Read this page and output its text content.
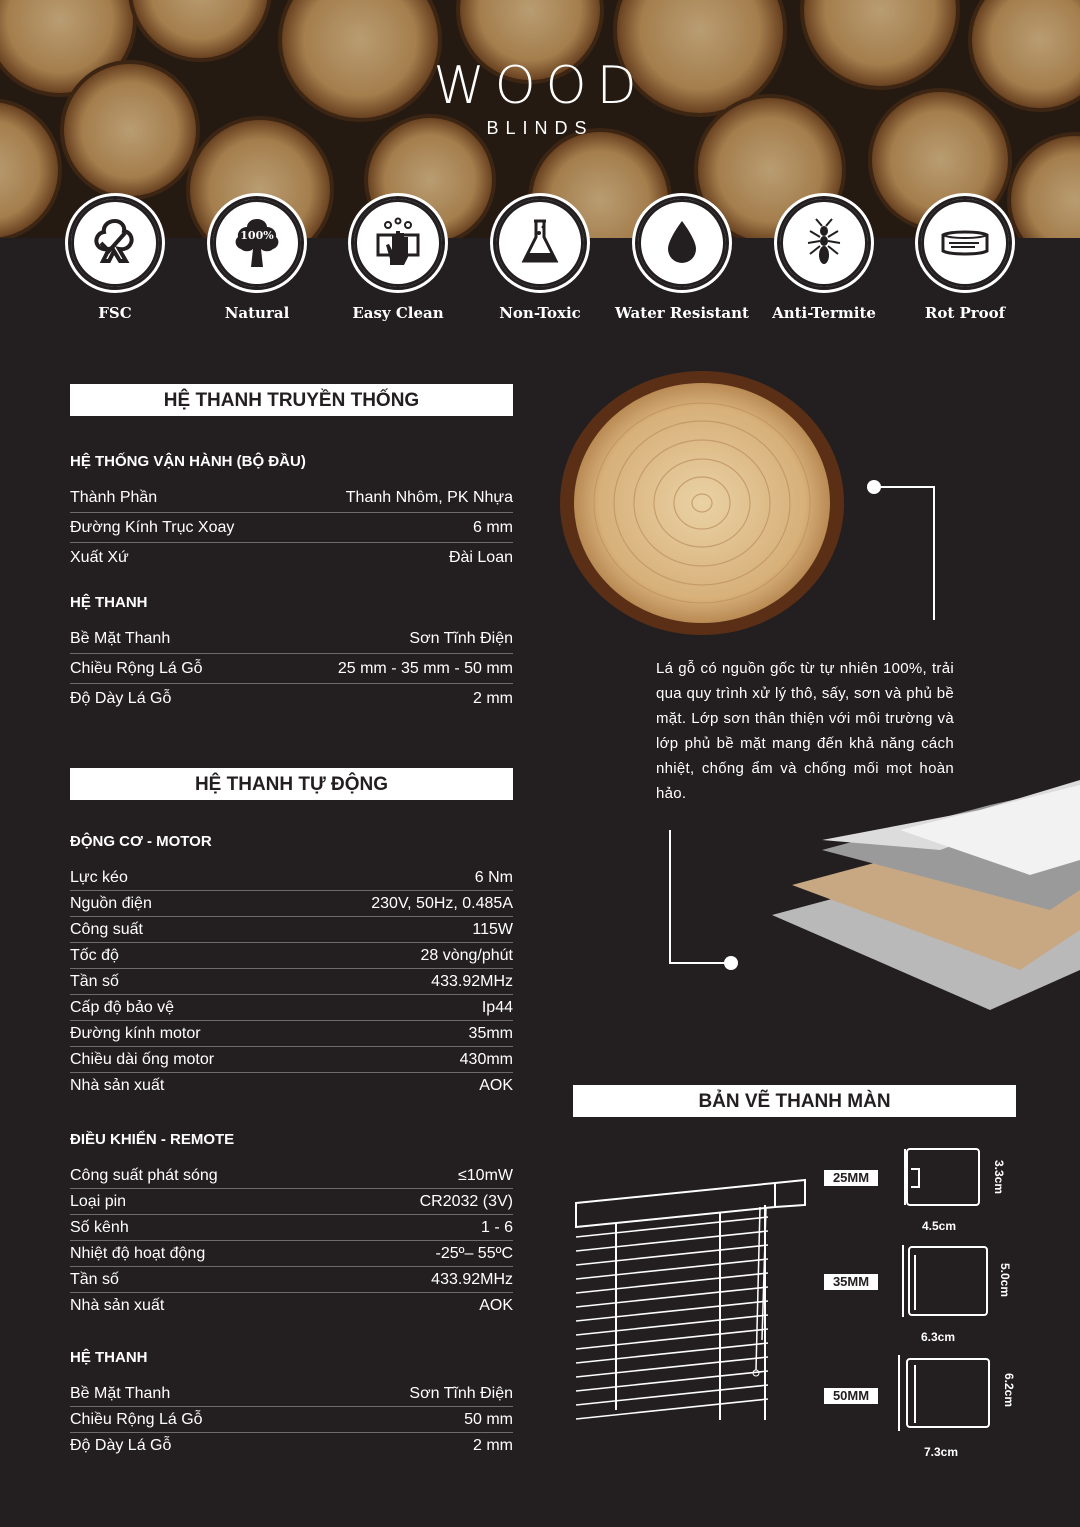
WOOD
BLINDS
FSC
100%
Natural	Easy Clean	Non-Toxic	Water Resistant	Anti-Termite	Rot Proof
HỆ THANH TRUYỀN THỐNG
HỆ THỐNG VẬN HÀNH (BỘ ĐẦU)
Thành Phần	Thanh Nhôm, PK Nhựa
Đường Kính Trục Xoay	6 mm
Xuất Xứ	Đài Loan
HỆ THANH
Bề Mặt Thanh	Sơn Tĩnh Điện
Chiều Rộng Lá Gỗ	25 mm - 35 mm - 50 mm
Độ Dày Lá Gỗ	2 mm
HỆ THANH TỰ ĐỘNG
ĐỘNG CƠ - MOTOR
Lực kéo	6 Nm
Nguồn điện	230V, 50Hz, 0.485A
Công suất	115W
Tốc độ	28 vòng/phút
Tần số	433.92MHz
Cấp độ bảo vệ	Ip44
Đường kính motor	35mm
Chiều dài ống motor	430mm
Nhà sản xuất	AOK
ĐIỀU KHIỂN - REMOTE
Công suất phát sóng	≤10mW
Loại pin	CR2032 (3V)
Số kênh	1 - 6
Nhiệt độ hoạt động	-25º– 55ºC
Tần số	433.92MHz
Nhà sản xuất	AOK
HỆ THANH
Bề Mặt Thanh	Sơn Tĩnh Điện
Chiều Rộng Lá Gỗ	50 mm
Độ Dày Lá Gỗ	2 mm
Lá gỗ có nguồn gốc từ tự nhiên 100%, trải qua quy trình xử lý thô, sấy, sơn và phủ bề mặt. Lớp sơn thân thiện với môi trường và lớp phủ bề mặt mang đến khả năng cách nhiệt, chống ẩm và chống mối mọt hoàn hảo.
BẢN VẼ THANH MÀN
25MM
35MM
50MM
4.5cm
3.3cm
6.3cm
5.0cm
7.3cm
6.2cm
